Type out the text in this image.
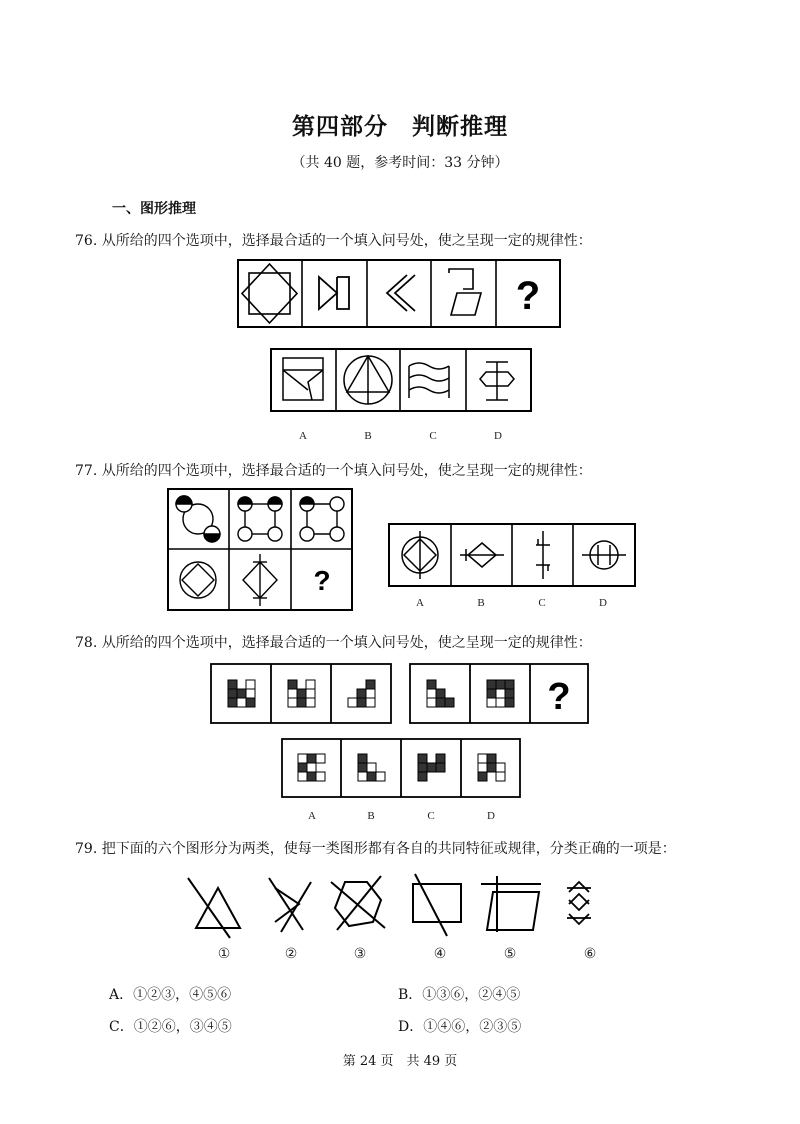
第四部分　判断推理
（共 40 题，参考时间：33 分钟）
一、图形推理
76. 从所给的四个选项中，选择最合适的一个填入问号处，使之呈现一定的规律性：
?
A	B	C	D
77. 从所给的四个选项中，选择最合适的一个填入问号处，使之呈现一定的规律性：
?
A	B	C	D
78. 从所给的四个选项中，选择最合适的一个填入问号处，使之呈现一定的规律性：
?
A	B	C	D
79. 把下面的六个图形分为两类，使每一类图形都有各自的共同特征或规律，分类正确的一项是：
①	②	③	④	⑤	⑥
A．①②③，④⑤⑥	B．①③⑥，②④⑤
C．①②⑥，③④⑤	D．①④⑥，②③⑤
第 24 页　共 49 页
